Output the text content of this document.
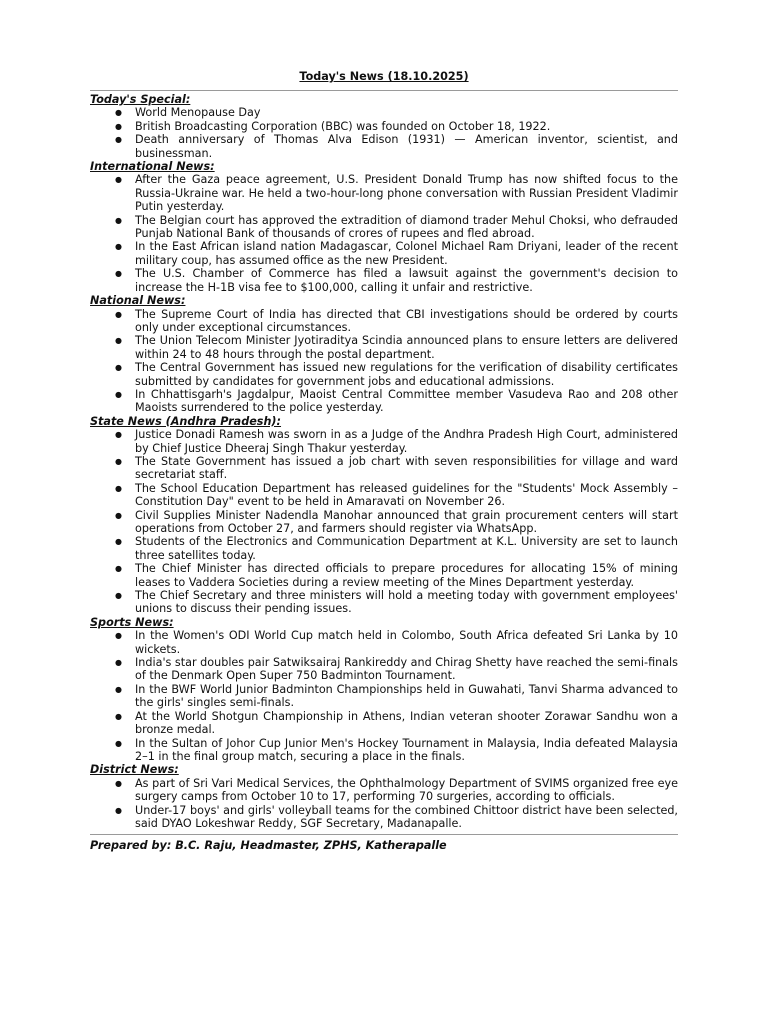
Today's News (18.10.2025)
Today's Special:
● World Menopause Day
● British Broadcasting Corporation (BBC) was founded on October 18, 1922.
● Death anniversary of Thomas Alva Edison (1931) — American inventor, scientist, and businessman.
International News:
● After the Gaza peace agreement, U.S. President Donald Trump has now shifted focus to the Russia-Ukraine war. He held a two-hour-long phone conversation with Russian President Vladimir Putin yesterday.
● The Belgian court has approved the extradition of diamond trader Mehul Choksi, who defrauded Punjab National Bank of thousands of crores of rupees and fled abroad.
● In the East African island nation Madagascar, Colonel Michael Ram Driyani, leader of the recent military coup, has assumed office as the new President.
● The U.S. Chamber of Commerce has filed a lawsuit against the government's decision to increase the H-1B visa fee to $100,000, calling it unfair and restrictive.
National News:
● The Supreme Court of India has directed that CBI investigations should be ordered by courts only under exceptional circumstances.
● The Union Telecom Minister Jyotiraditya Scindia announced plans to ensure letters are delivered within 24 to 48 hours through the postal department.
● The Central Government has issued new regulations for the verification of disability certificates submitted by candidates for government jobs and educational admissions.
● In Chhattisgarh's Jagdalpur, Maoist Central Committee member Vasudeva Rao and 208 other Maoists surrendered to the police yesterday.
State News (Andhra Pradesh):
● Justice Donadi Ramesh was sworn in as a Judge of the Andhra Pradesh High Court, administered by Chief Justice Dheeraj Singh Thakur yesterday.
● The State Government has issued a job chart with seven responsibilities for village and ward secretariat staff.
● The School Education Department has released guidelines for the "Students' Mock Assembly – Constitution Day" event to be held in Amaravati on November 26.
● Civil Supplies Minister Nadendla Manohar announced that grain procurement centers will start operations from October 27, and farmers should register via WhatsApp.
● Students of the Electronics and Communication Department at K.L. University are set to launch three satellites today.
● The Chief Minister has directed officials to prepare procedures for allocating 15% of mining leases to Vaddera Societies during a review meeting of the Mines Department yesterday.
● The Chief Secretary and three ministers will hold a meeting today with government employees' unions to discuss their pending issues.
Sports News:
● In the Women's ODI World Cup match held in Colombo, South Africa defeated Sri Lanka by 10 wickets.
● India's star doubles pair Satwiksairaj Rankireddy and Chirag Shetty have reached the semi-finals of the Denmark Open Super 750 Badminton Tournament.
● In the BWF World Junior Badminton Championships held in Guwahati, Tanvi Sharma advanced to the girls' singles semi-finals.
● At the World Shotgun Championship in Athens, Indian veteran shooter Zorawar Sandhu won a bronze medal.
● In the Sultan of Johor Cup Junior Men's Hockey Tournament in Malaysia, India defeated Malaysia 2–1 in the final group match, securing a place in the finals.
District News:
● As part of Sri Vari Medical Services, the Ophthalmology Department of SVIMS organized free eye surgery camps from October 10 to 17, performing 70 surgeries, according to officials.
● Under-17 boys' and girls' volleyball teams for the combined Chittoor district have been selected, said DYAO Lokeshwar Reddy, SGF Secretary, Madanapalle.
Prepared by: B.C. Raju, Headmaster, ZPHS, Katherapalle
